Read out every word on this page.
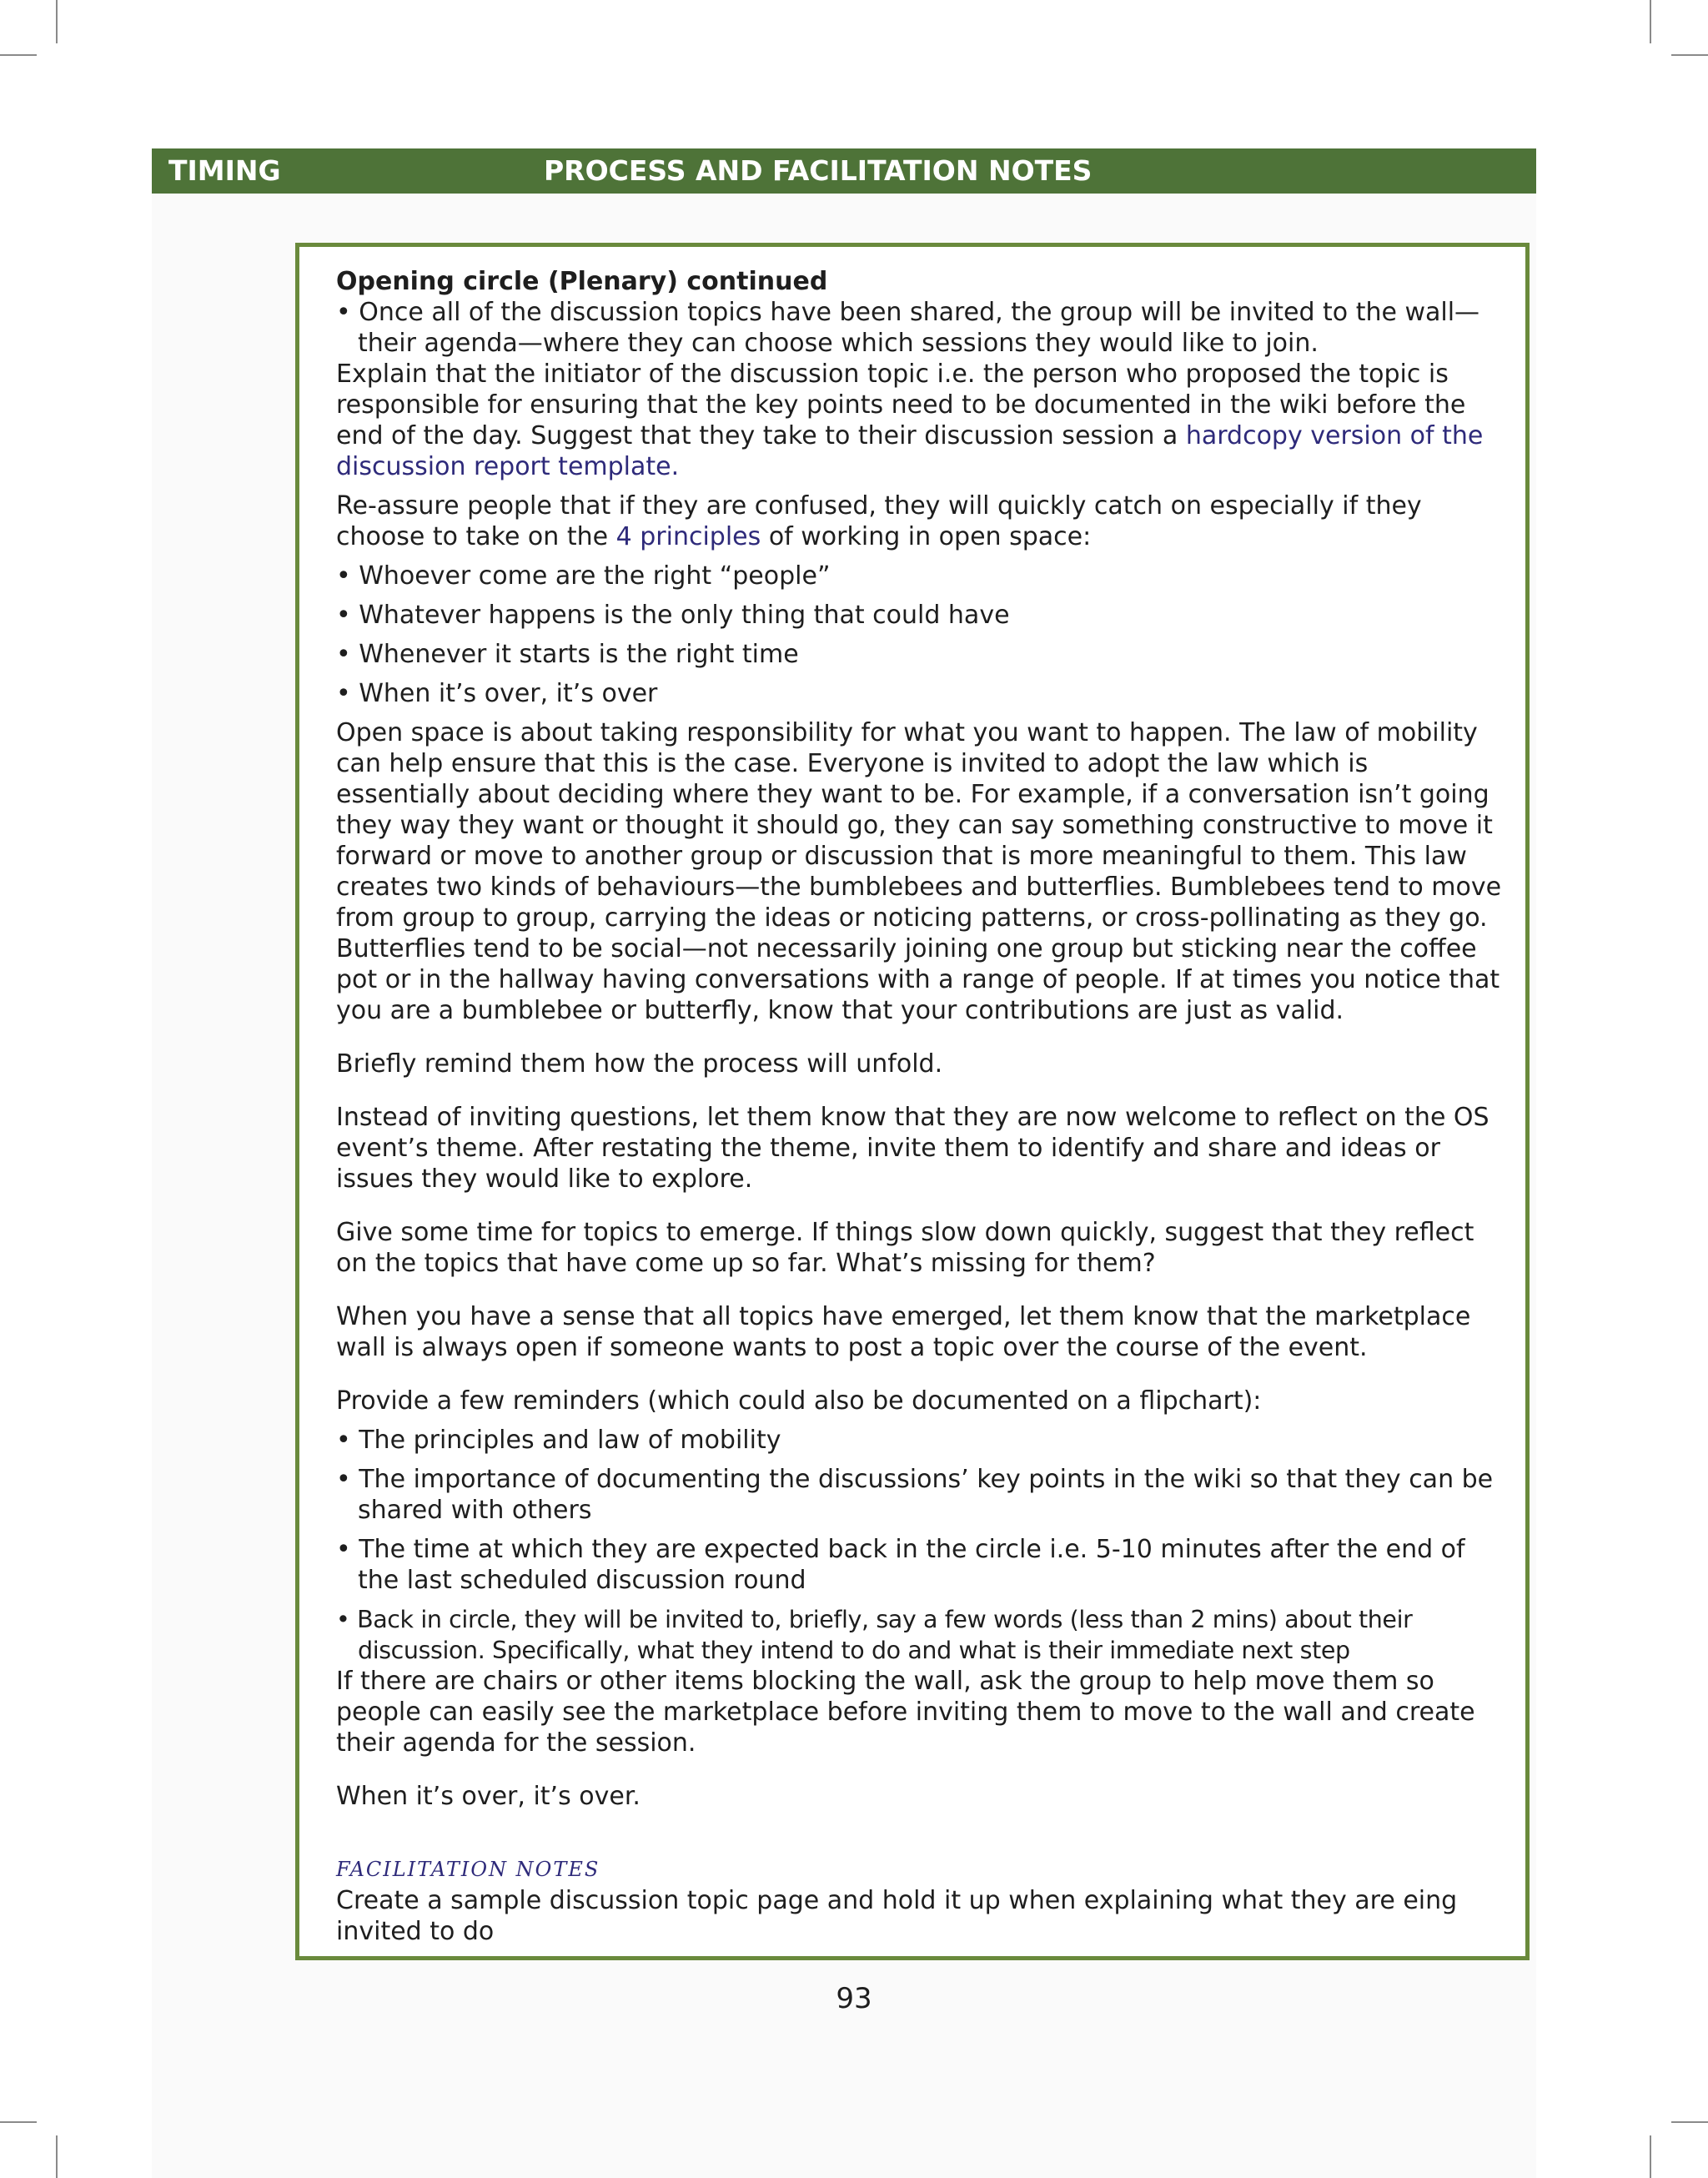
TIMING	PROCESS AND FACILITATION NOTES

Opening circle (Plenary) continued

• Once all of the discussion topics have been shared, the group will be invited to the wall—their agenda—where they can choose which sessions they would like to join.

Explain that the initiator of the discussion topic i.e. the person who proposed the topic is responsible for ensuring that the key points need to be documented in the wiki before the end of the day. Suggest that they take to their discussion session a hardcopy version of the discussion report template.

Re-assure people that if they are confused, they will quickly catch on especially if they choose to take on the 4 principles of working in open space:

• Whoever come are the right “people”

• Whatever happens is the only thing that could have

• Whenever it starts is the right time

• When it’s over, it’s over

Open space is about taking responsibility for what you want to happen. The law of mobility can help ensure that this is the case. Everyone is invited to adopt the law which is essentially about deciding where they want to be. For example, if a conversation isn’t going they way they want or thought it should go, they can say something constructive to move it forward or move to another group or discussion that is more meaningful to them. This law creates two kinds of behaviours—the bumblebees and butterflies. Bumblebees tend to move from group to group, carrying the ideas or noticing patterns, or cross-pollinating as they go. Butterflies tend to be social—not necessarily joining one group but sticking near the coffee pot or in the hallway having conversations with a range of people. If at times you notice that you are a bumblebee or butterfly, know that your contributions are just as valid.

Briefly remind them how the process will unfold.

Instead of inviting questions, let them know that they are now welcome to reflect on the OS event’s theme. After restating the theme, invite them to identify and share and ideas or issues they would like to explore.

Give some time for topics to emerge. If things slow down quickly, suggest that they reflect on the topics that have come up so far. What’s missing for them?

When you have a sense that all topics have emerged, let them know that the marketplace wall is always open if someone wants to post a topic over the course of the event.

Provide a few reminders (which could also be documented on a flipchart):

• The principles and law of mobility

• The importance of documenting the discussions’ key points in the wiki so that they can be shared with others

• The time at which they are expected back in the circle i.e. 5-10 minutes after the end of the last scheduled discussion round

• Back in circle, they will be invited to, briefly, say a few words (less than 2 mins) about their discussion. Specifically, what they intend to do and what is their immediate next step

If there are chairs or other items blocking the wall, ask the group to help move them so people can easily see the marketplace before inviting them to move to the wall and create their agenda for the session.

When it’s over, it’s over.

FACILITATION NOTES

Create a sample discussion topic page and hold it up when explaining what they are eing invited to do

93
